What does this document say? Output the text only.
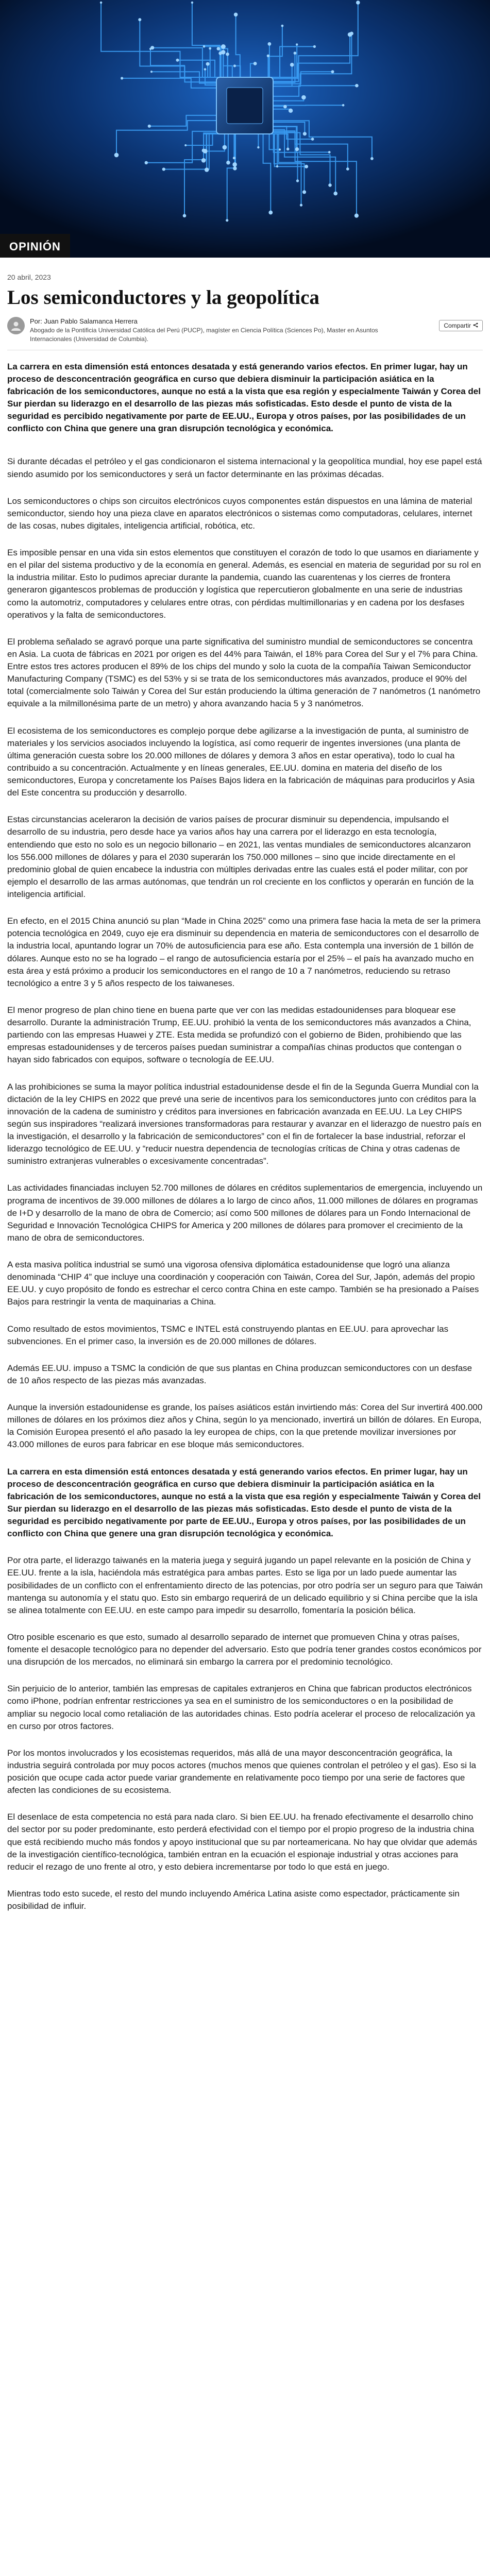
OPINIÓN
20 abril, 2023
Los semiconductores y la geopolítica
Por: Juan Pablo Salamanca Herrera
Abogado de la Pontificia Universidad Católica del Perú (PUCP), magíster en Ciencia Política (Sciences Po), Master en Asuntos Internacionales (Universidad de Columbia).
Compartir

La carrera en esta dimensión está entonces desatada y está generando varios efectos. En primer lugar, hay un proceso de desconcentración geográfica en curso que debiera disminuir la participación asiática en la fabricación de los semiconductores, aunque no está a la vista que esa región y especialmente Taiwán y Corea del Sur pierdan su liderazgo en el desarrollo de las piezas más sofisticadas. Esto desde el punto de vista de la seguridad es percibido negativamente por parte de EE.UU., Europa y otros países, por las posibilidades de un conflicto con China que genere una gran disrupción tecnológica y económica.

Si durante décadas el petróleo y el gas condicionaron el sistema internacional y la geopolítica mundial, hoy ese papel está siendo asumido por los semiconductores y será un factor determinante en las próximas décadas.

Los semiconductores o chips son circuitos electrónicos cuyos componentes están dispuestos en una lámina de material semiconductor, siendo hoy una pieza clave en aparatos electrónicos o sistemas como computadoras, celulares, internet de las cosas, nubes digitales, inteligencia artificial, robótica, etc.

Es imposible pensar en una vida sin estos elementos que constituyen el corazón de todo lo que usamos en diariamente y en el pilar del sistema productivo y de la economía en general. Además, es esencial en materia de seguridad por su rol en la industria militar. Esto lo pudimos apreciar durante la pandemia, cuando las cuarentenas y los cierres de frontera generaron gigantescos problemas de producción y logística que repercutieron globalmente en una serie de industrias como la automotriz, computadores y celulares entre otras, con pérdidas multimillonarias y en cadena por los desfases operativos y la falta de semiconductores.

El problema señalado se agravó porque una parte significativa del suministro mundial de semiconductores se concentra en Asia. La cuota de fábricas en 2021 por origen es del 44% para Taiwán, el 18% para Corea del Sur y el 7% para China. Entre estos tres actores producen el 89% de los chips del mundo y solo la cuota de la compañía Taiwan Semiconductor Manufacturing Company (TSMC) es del 53% y si se trata de los semiconductores más avanzados, produce el 90% del total (comercialmente solo Taiwán y Corea del Sur están produciendo la última generación de 7 nanómetros (1 nanómetro equivale a la milmillonésima parte de un metro) y ahora avanzando hacia 5 y 3 nanómetros.

El ecosistema de los semiconductores es complejo porque debe agilizarse a la investigación de punta, al suministro de materiales y los servicios asociados incluyendo la logística, así como requerir de ingentes inversiones (una planta de última generación cuesta sobre los 20.000 millones de dólares y demora 3 años en estar operativa), todo lo cual ha contribuido a su concentración. Actualmente y en líneas generales, EE.UU. domina en materia del diseño de los semiconductores, Europa y concretamente los Países Bajos lidera en la fabricación de máquinas para producirlos y Asia del Este concentra su producción y desarrollo.

Estas circunstancias aceleraron la decisión de varios países de procurar disminuir su dependencia, impulsando el desarrollo de su industria, pero desde hace ya varios años hay una carrera por el liderazgo en esta tecnología, entendiendo que esto no solo es un negocio billonario – en 2021, las ventas mundiales de semiconductores alcanzaron los 556.000 millones de dólares y para el 2030 superarán los 750.000 millones – sino que incide directamente en el predominio global de quien encabece la industria con múltiples derivadas entre las cuales está el poder militar, con por ejemplo el desarrollo de las armas autónomas, que tendrán un rol creciente en los conflictos y operarán en función de la inteligencia artificial.

En efecto, en el 2015 China anunció su plan “Made in China 2025” como una primera fase hacia la meta de ser la primera potencia tecnológica en 2049, cuyo eje era disminuir su dependencia en materia de semiconductores con el desarrollo de la industria local, apuntando lograr un 70% de autosuficiencia para ese año. Esta contempla una inversión de 1 billón de dólares. Aunque esto no se ha logrado – el rango de autosuficiencia estaría por el 25% – el país ha avanzado mucho en esta área y está próximo a producir los semiconductores en el rango de 10 a 7 nanómetros, reduciendo su retraso tecnológico a entre 3 y 5 años respecto de los taiwaneses.

El menor progreso de plan chino tiene en buena parte que ver con las medidas estadounidenses para bloquear ese desarrollo. Durante la administración Trump, EE.UU. prohibió la venta de los semiconductores más avanzados a China, partiendo con las empresas Huawei y ZTE. Esta medida se profundizó con el gobierno de Biden, prohibiendo que las empresas estadounidenses y de terceros países puedan suministrar a compañías chinas productos que contengan o hayan sido fabricados con equipos, software o tecnología de EE.UU.

A las prohibiciones se suma la mayor política industrial estadounidense desde el fin de la Segunda Guerra Mundial con la dictación de la ley CHIPS en 2022 que prevé una serie de incentivos para los semiconductores junto con créditos para la innovación de la cadena de suministro y créditos para inversiones en fabricación avanzada en EE.UU. La Ley CHIPS según sus inspiradores “realizará inversiones transformadoras para restaurar y avanzar en el liderazgo de nuestro país en la investigación, el desarrollo y la fabricación de semiconductores” con el fin de fortalecer la base industrial, reforzar el liderazgo tecnológico de EE.UU. y “reducir nuestra dependencia de tecnologías críticas de China y otras cadenas de suministro extranjeras vulnerables o excesivamente concentradas”.

Las actividades financiadas incluyen 52.700 millones de dólares en créditos suplementarios de emergencia, incluyendo un programa de incentivos de 39.000 millones de dólares a lo largo de cinco años, 11.000 millones de dólares en programas de I+D y desarrollo de la mano de obra de Comercio; así como 500 millones de dólares para un Fondo Internacional de Seguridad e Innovación Tecnológica CHIPS for America y 200 millones de dólares para promover el crecimiento de la mano de obra de semiconductores.

A esta masiva política industrial se sumó una vigorosa ofensiva diplomática estadounidense que logró una alianza denominada “CHIP 4” que incluye una coordinación y cooperación con Taiwán, Corea del Sur, Japón, además del propio EE.UU. y cuyo propósito de fondo es estrechar el cerco contra China en este campo. También se ha presionado a Países Bajos para restringir la venta de maquinarias a China.

Como resultado de estos movimientos, TSMC e INTEL está construyendo plantas en EE.UU. para aprovechar las subvenciones. En el primer caso, la inversión es de 20.000 millones de dólares.

Además EE.UU. impuso a TSMC la condición de que sus plantas en China produzcan semiconductores con un desfase de 10 años respecto de las piezas más avanzadas.

Aunque la inversión estadounidense es grande, los países asiáticos están invirtiendo más: Corea del Sur invertirá 400.000 millones de dólares en los próximos diez años y China, según lo ya mencionado, invertirá un billón de dólares. En Europa, la Comisión Europea presentó el año pasado la ley europea de chips, con la que pretende movilizar inversiones por 43.000 millones de euros para fabricar en ese bloque más semiconductores.

La carrera en esta dimensión está entonces desatada y está generando varios efectos. En primer lugar, hay un proceso de desconcentración geográfica en curso que debiera disminuir la participación asiática en la fabricación de los semiconductores, aunque no está a la vista que esa región y especialmente Taiwán y Corea del Sur pierdan su liderazgo en el desarrollo de las piezas más sofisticadas. Esto desde el punto de vista de la seguridad es percibido negativamente por parte de EE.UU., Europa y otros países, por las posibilidades de un conflicto con China que genere una gran disrupción tecnológica y económica.

Por otra parte, el liderazgo taiwanés en la materia juega y seguirá jugando un papel relevante en la posición de China y EE.UU. frente a la isla, haciéndola más estratégica para ambas partes. Esto se liga por un lado puede aumentar las posibilidades de un conflicto con el enfrentamiento directo de las potencias, por otro podría ser un seguro para que Taiwán mantenga su autonomía y el statu quo. Esto sin embargo requerirá de un delicado equilibrio y si China percibe que la isla se alinea totalmente con EE.UU. en este campo para impedir su desarrollo, fomentaría la posición bélica.

Otro posible escenario es que esto, sumado al desarrollo separado de internet que promueven China y otras países, fomente el desacople tecnológico para no depender del adversario. Esto que podría tener grandes costos económicos por una disrupción de los mercados, no eliminará sin embargo la carrera por el predominio tecnológico.

Sin perjuicio de lo anterior, también las empresas de capitales extranjeros en China que fabrican productos electrónicos como iPhone, podrían enfrentar restricciones ya sea en el suministro de los semiconductores o en la posibilidad de ampliar su negocio local como retaliación de las autoridades chinas. Esto podría acelerar el proceso de relocalización ya en curso por otros factores.

Por los montos involucrados y los ecosistemas requeridos, más allá de una mayor desconcentración geográfica, la industria seguirá controlada por muy pocos actores (muchos menos que quienes controlan el petróleo y el gas). Eso si la posición que ocupe cada actor puede variar grandemente en relativamente poco tiempo por una serie de factores que afecten las condiciones de su ecosistema.

El desenlace de esta competencia no está para nada claro. Si bien EE.UU. ha frenado efectivamente el desarrollo chino del sector por su poder predominante, esto perderá efectividad con el tiempo por el propio progreso de la industria china que está recibiendo mucho más fondos y apoyo institucional que su par norteamericana. No hay que olvidar que además de la investigación científico-tecnológica, también entran en la ecuación el espionaje industrial y otras acciones para reducir el rezago de uno frente al otro, y esto debiera incrementarse por todo lo que está en juego.

Mientras todo esto sucede, el resto del mundo incluyendo América Latina asiste como espectador, prácticamente sin posibilidad de influir.
